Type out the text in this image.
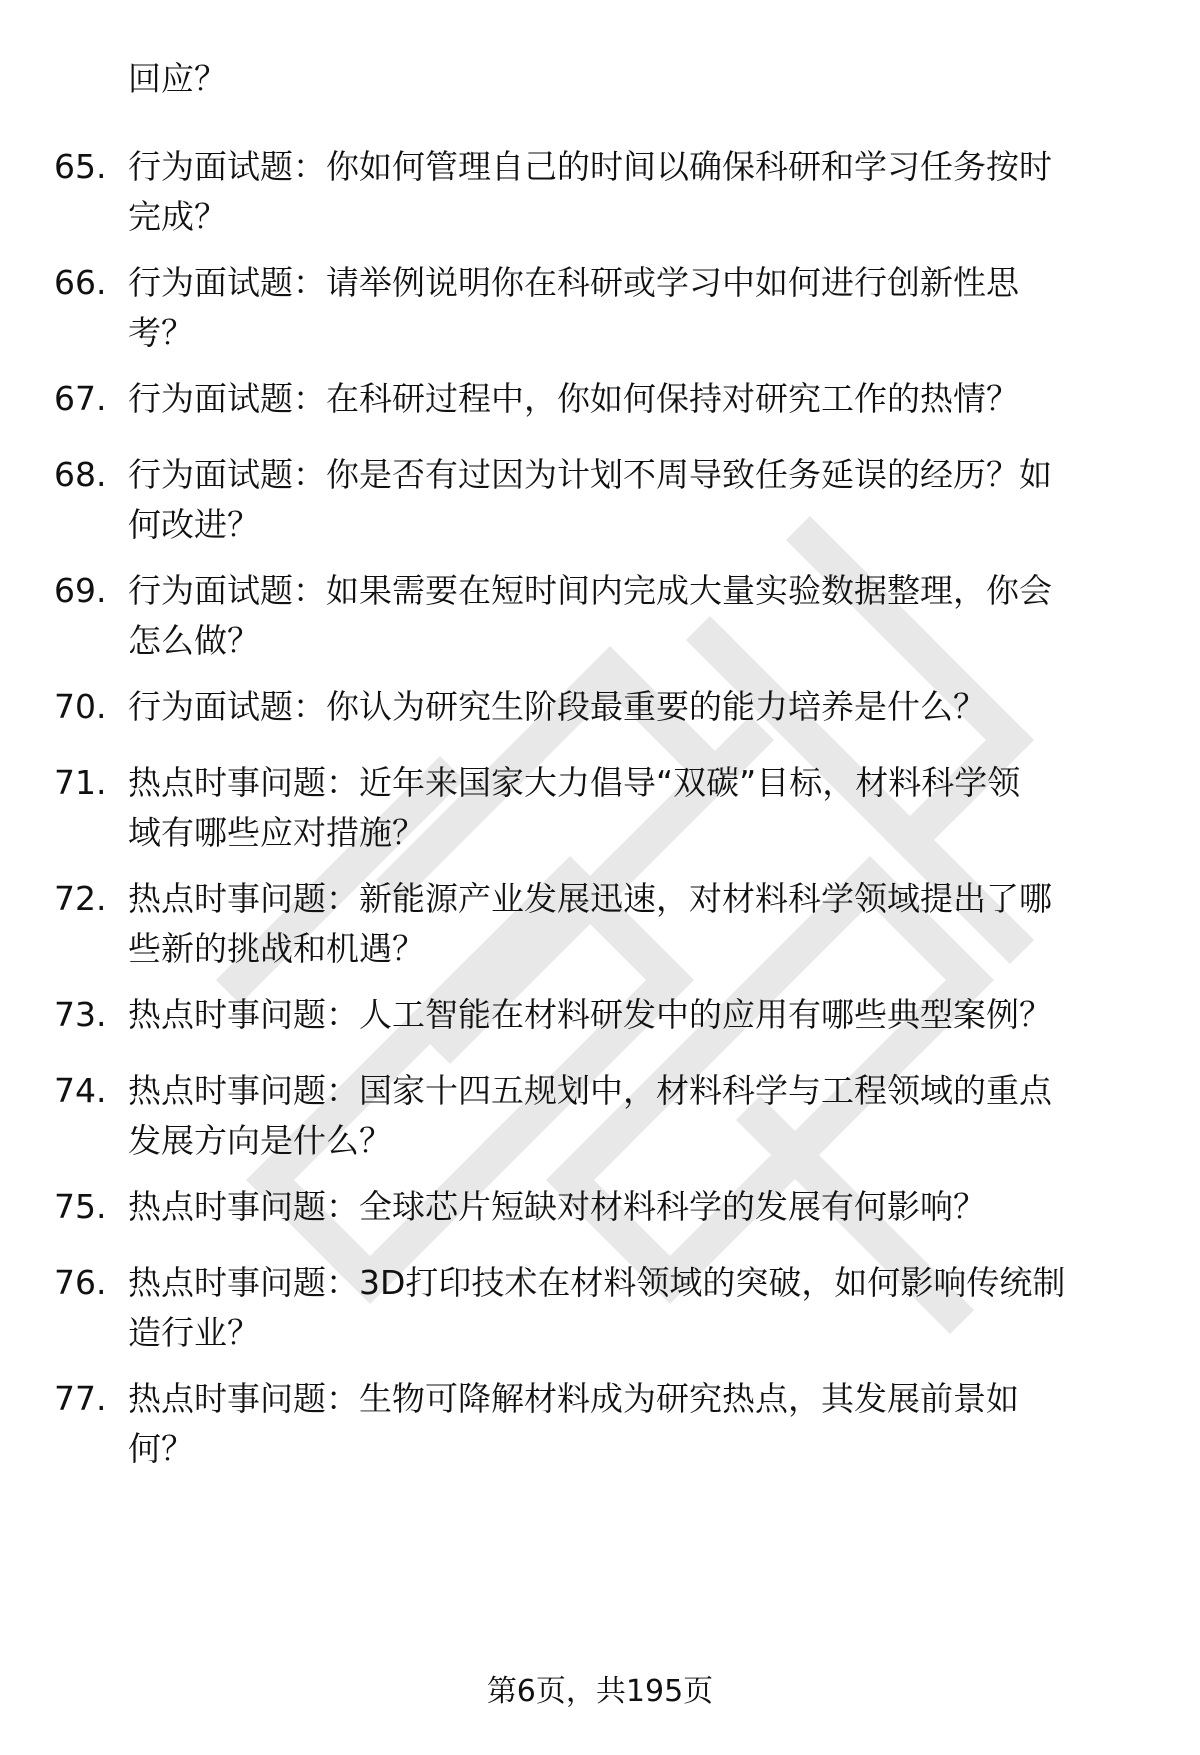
回应？
65. 行为面试题：你如何管理自己的时间以确保科研和学习任务按时
完成？
66. 行为面试题：请举例说明你在科研或学习中如何进行创新性思
考？
67. 行为面试题：在科研过程中，你如何保持对研究工作的热情？
68. 行为面试题：你是否有过因为计划不周导致任务延误的经历？如
何改进？
69. 行为面试题：如果需要在短时间内完成大量实验数据整理，你会
怎么做？
70. 行为面试题：你认为研究生阶段最重要的能力培养是什么？
71. 热点时事问题：近年来国家大力倡导“双碳”目标，材料科学领
域有哪些应对措施？
72. 热点时事问题：新能源产业发展迅速，对材料科学领域提出了哪
些新的挑战和机遇？
73. 热点时事问题：人工智能在材料研发中的应用有哪些典型案例？
74. 热点时事问题：国家十四五规划中，材料科学与工程领域的重点
发展方向是什么？
75. 热点时事问题：全球芯片短缺对材料科学的发展有何影响？
76. 热点时事问题：3D打印技术在材料领域的突破，如何影响传统制
造行业？
77. 热点时事问题：生物可降解材料成为研究热点，其发展前景如
何？
第6页，共195页
